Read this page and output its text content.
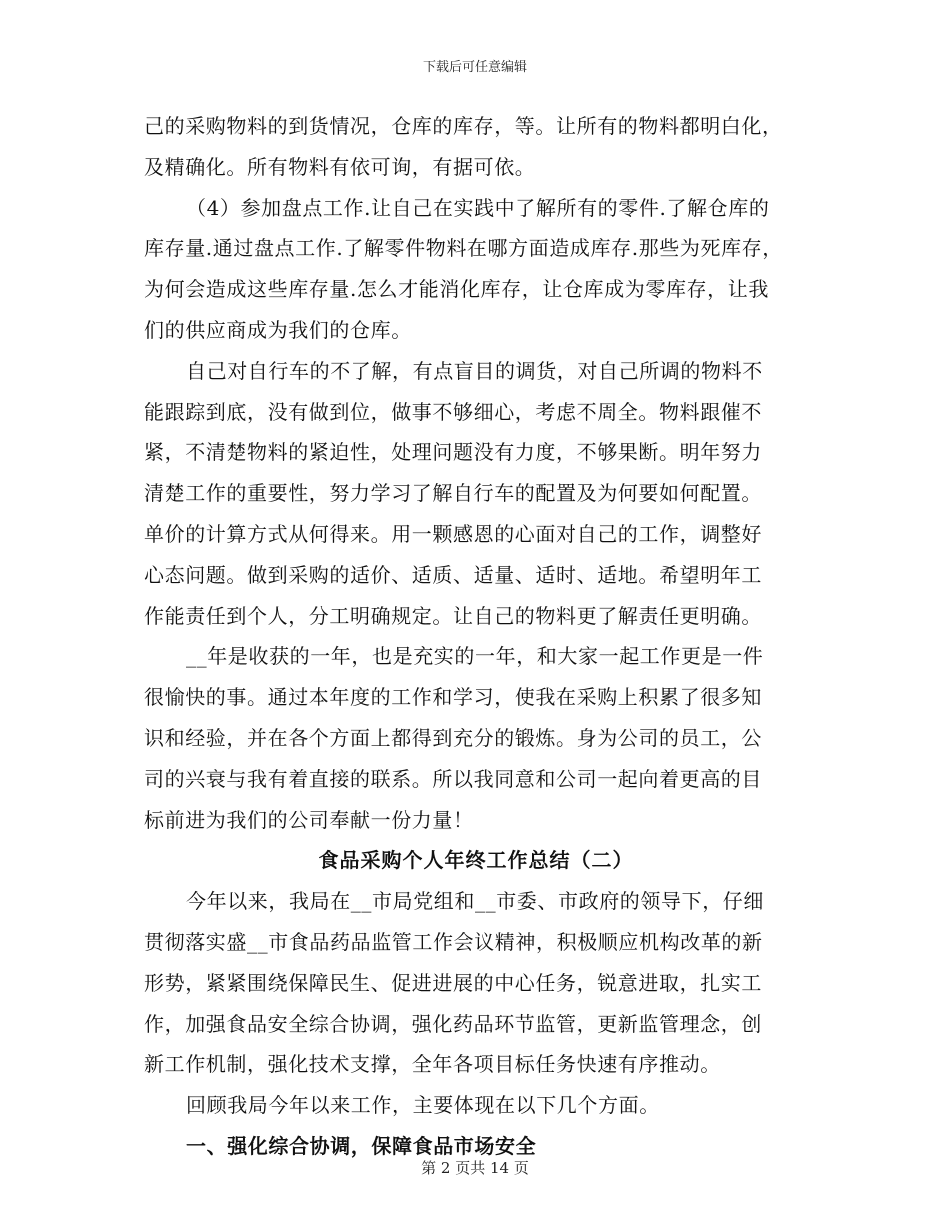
下载后可任意编辑
己的采购物料的到货情况，仓库的库存，等。让所有的物料都明白化，
及精确化。所有物料有依可询，有据可依。
（4）参加盘点工作.让自己在实践中了解所有的零件.了解仓库的
库存量.通过盘点工作.了解零件物料在哪方面造成库存.那些为死库存，
为何会造成这些库存量.怎么才能消化库存，让仓库成为零库存，让我
们的供应商成为我们的仓库。
自己对自行车的不了解，有点盲目的调货，对自己所调的物料不
能跟踪到底，没有做到位，做事不够细心，考虑不周全。物料跟催不
紧，不清楚物料的紧迫性，处理问题没有力度，不够果断。明年努力
清楚工作的重要性，努力学习了解自行车的配置及为何要如何配置。
单价的计算方式从何得来。用一颗感恩的心面对自己的工作，调整好
心态问题。做到采购的适价、适质、适量、适时、适地。希望明年工
作能责任到个人，分工明确规定。让自己的物料更了解责任更明确。
__年是收获的一年，也是充实的一年，和大家一起工作更是一件
很愉快的事。通过本年度的工作和学习，使我在采购上积累了很多知
识和经验，并在各个方面上都得到充分的锻炼。身为公司的员工，公
司的兴衰与我有着直接的联系。所以我同意和公司一起向着更高的目
标前进为我们的公司奉献一份力量！
食品采购个人年终工作总结（二）
今年以来，我局在__市局党组和__市委、市政府的领导下，仔细
贯彻落实盛__市食品药品监管工作会议精神，积极顺应机构改革的新
形势，紧紧围绕保障民生、促进进展的中心任务，锐意进取，扎实工
作，加强食品安全综合协调，强化药品环节监管，更新监管理念，创
新工作机制，强化技术支撑，全年各项目标任务快速有序推动。
回顾我局今年以来工作，主要体现在以下几个方面。
一、强化综合协调，保障食品市场安全
第 2 页共 14 页
